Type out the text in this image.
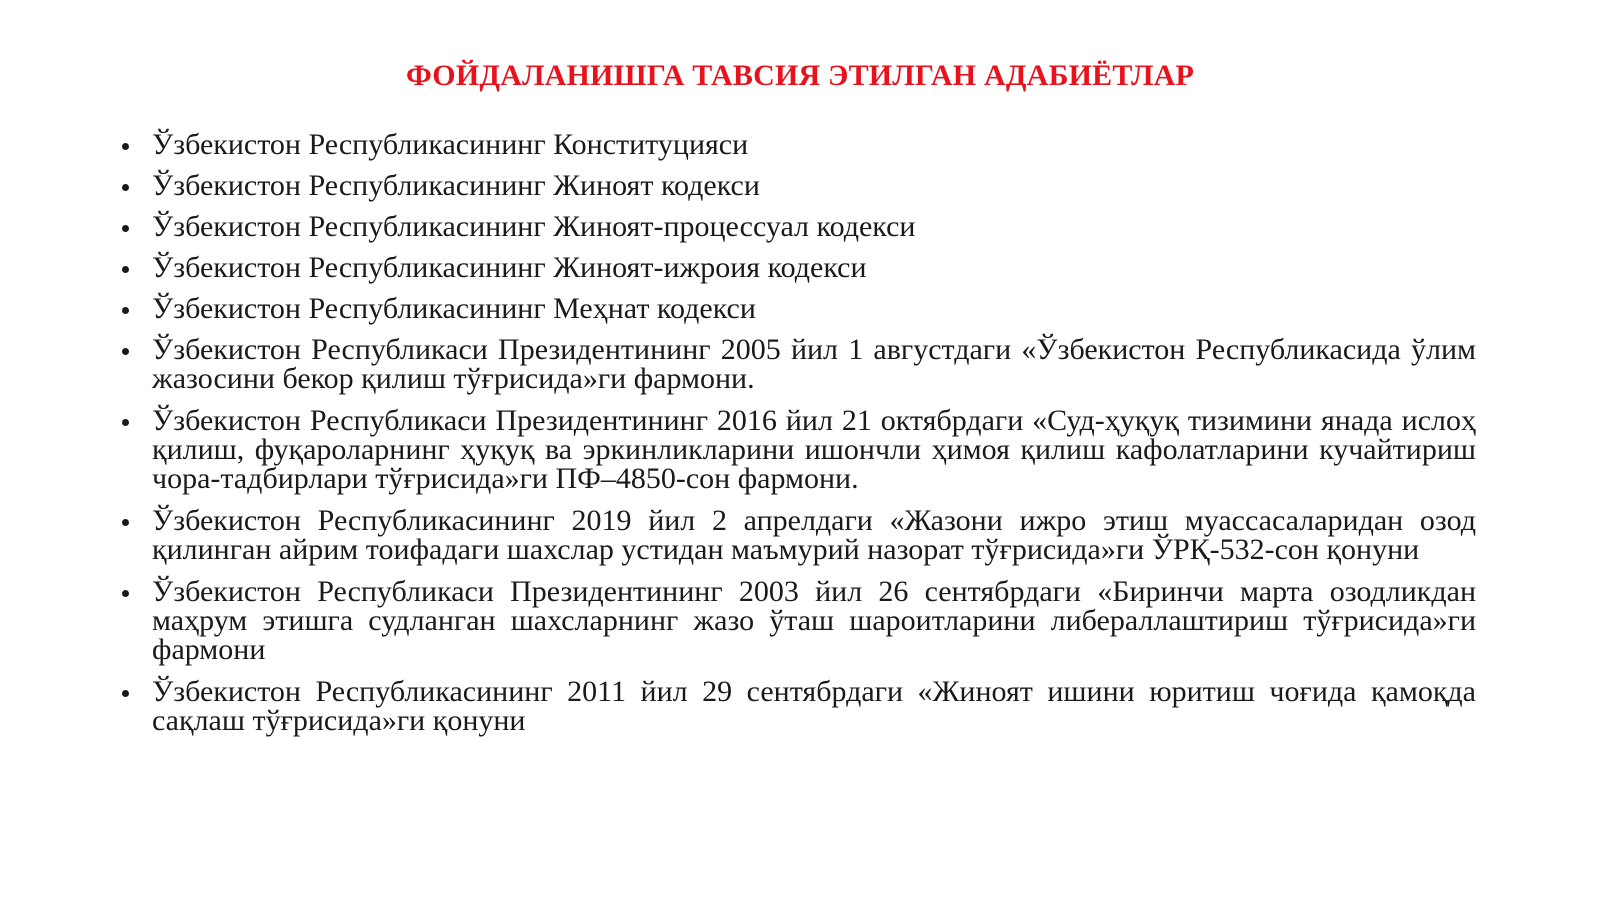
ФОЙДАЛАНИШГА ТАВСИЯ ЭТИЛГАН АДАБИЁТЛАР
Ўзбекистон Республикасининг Конституцияси
Ўзбекистон Республикасининг Жиноят кодекси
Ўзбекистон Республикасининг Жиноят-процессуал кодекси
Ўзбекистон Республикасининг Жиноят-ижроия кодекси
Ўзбекистон Республикасининг Меҳнат кодекси
Ўзбекистон Республикаси Президентининг 2005 йил 1 августдаги «Ўзбекистон Республикасида ўлим жазосини бекор қилиш тўғрисида»ги фармони.
Ўзбекистон Республикаси Президентининг 2016 йил 21 октябрдаги «Суд-ҳуқуқ тизимини янада ислоҳ қилиш, фуқароларнинг ҳуқуқ ва эркинликларини ишончли ҳимоя қилиш кафолатларини кучайтириш чора-тадбирлари тўғрисида»ги ПФ–4850-сон фармони.
Ўзбекистон Республикасининг 2019 йил 2 апрелдаги «Жазони ижро этиш муассасаларидан озод қилинган айрим тоифадаги шахслар устидан маъмурий назорат тўғрисида»ги ЎРҚ-532-сон қонуни
Ўзбекистон Республикаси Президентининг 2003 йил 26 сентябрдаги «Биринчи марта озодликдан маҳрум этишга судланган шахсларнинг жазо ўташ шароитларини либераллаштириш тўғрисида»ги фармони
Ўзбекистон Республикасининг 2011 йил 29 сентябрдаги «Жиноят ишини юритиш чоғида қамоқда сақлаш тўғрисида»ги қонуни
